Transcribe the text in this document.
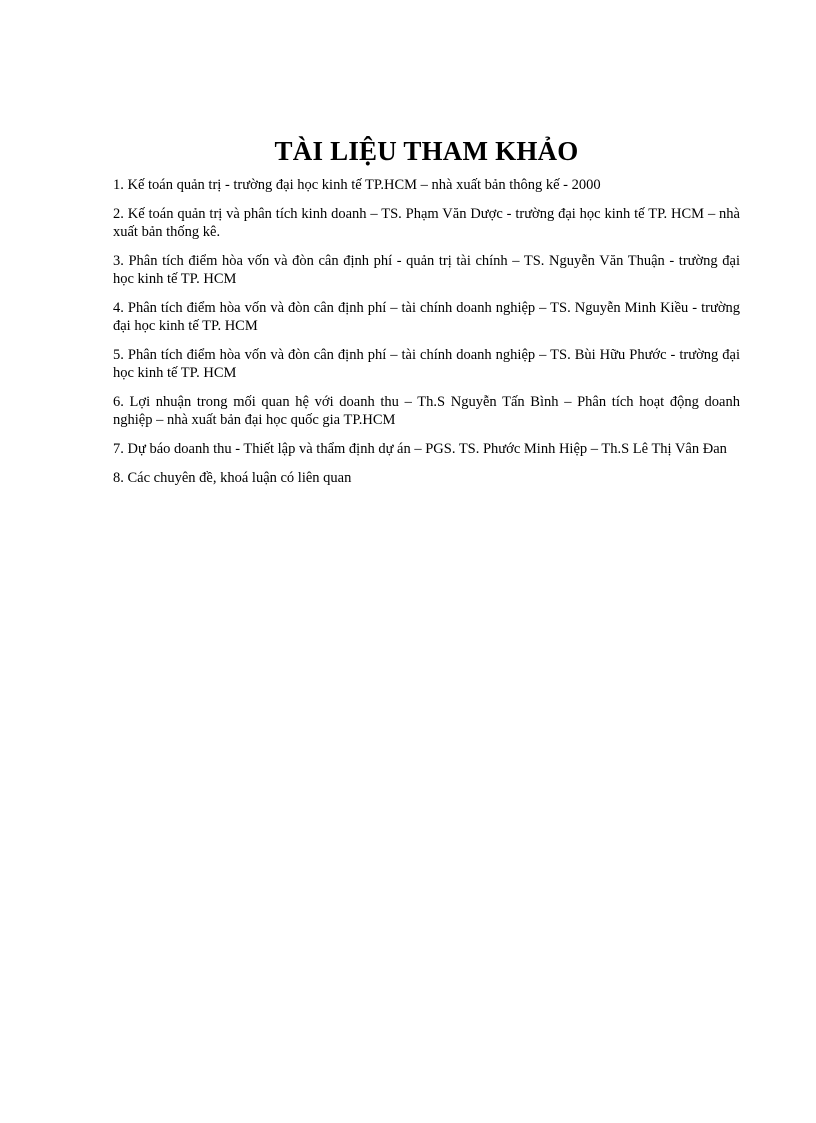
TÀI LIỆU THAM KHẢO
1. Kế toán quản trị - trường đại học kinh tế TP.HCM – nhà xuất bản thông kế - 2000
2. Kế toán quản trị và phân tích kinh doanh – TS. Phạm Văn Dược - trường đại học kinh tế TP. HCM – nhà xuất bản thống kê.
3. Phân tích điểm hòa vốn và đòn cân định phí - quản trị tài chính – TS. Nguyễn Văn Thuận - trường đại học kinh tế TP. HCM
4. Phân tích điểm hòa vốn và đòn cân định phí – tài chính doanh nghiệp – TS. Nguyễn Minh Kiều - trường đại học kinh tế TP. HCM
5. Phân tích điểm hòa vốn và đòn cân định phí – tài chính doanh nghiệp – TS. Bùi Hữu Phước - trường đại học kinh tế TP. HCM
6. Lợi nhuận trong mối quan hệ với doanh thu – Th.S Nguyễn Tấn Bình – Phân tích hoạt động doanh nghiệp – nhà xuất bản đại học quốc gia TP.HCM
7. Dự báo doanh thu - Thiết lập và thẩm định dự án – PGS. TS. Phước Minh Hiệp – Th.S Lê Thị Vân Đan
8. Các chuyên đề, khoá luận có liên quan
